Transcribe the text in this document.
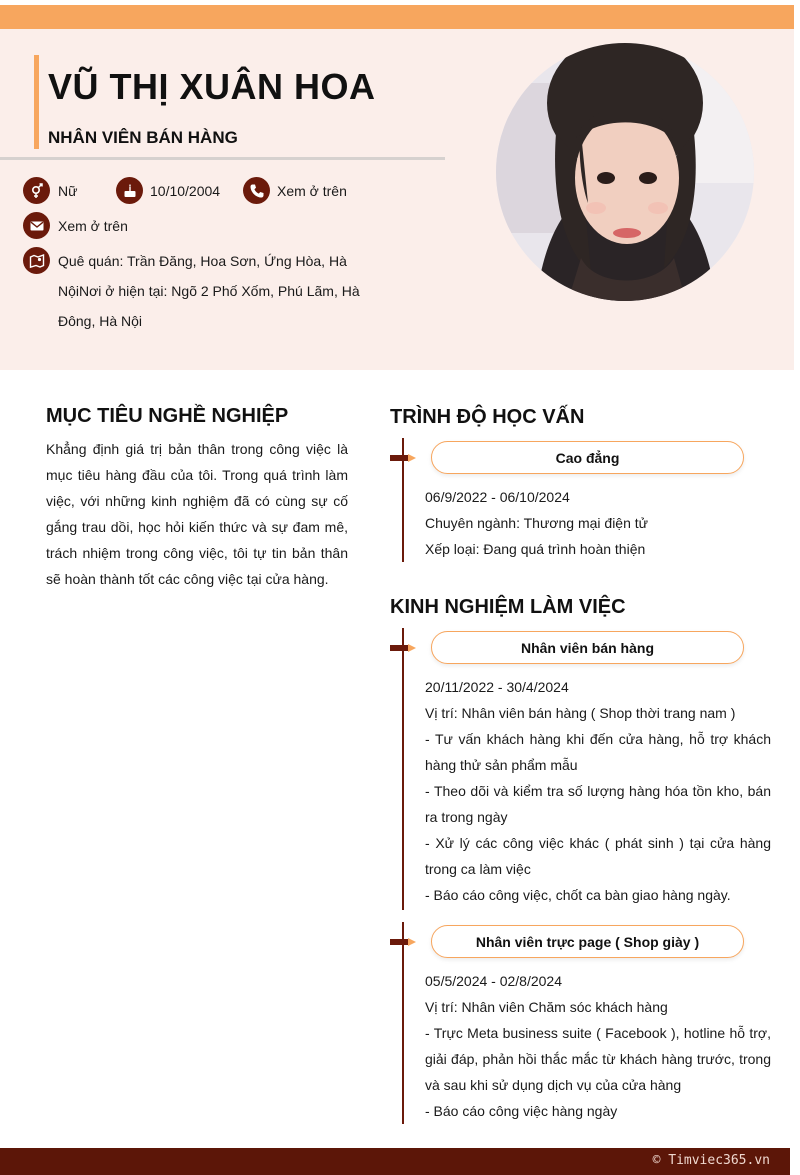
VŨ THỊ XUÂN HOA
NHÂN VIÊN BÁN HÀNG
Nữ	10/10/2004	Xem ở trên
Xem ở trên
Quê quán: Trần Đăng, Hoa Sơn, Ứng Hòa, Hà NộiNơi ở hiện tại: Ngõ 2 Phố Xốm, Phú Lãm, Hà Đông, Hà Nội
MỤC TIÊU NGHỀ NGHIỆP
Khẳng định giá trị bản thân trong công việc là mục tiêu hàng đầu của tôi. Trong quá trình làm việc, với những kinh nghiệm đã có cùng sự cố gắng trau dồi, học hỏi kiến thức và sự đam mê, trách nhiệm trong công việc, tôi tự tin bản thân sẽ hoàn thành tốt các công việc tại cửa hàng.
TRÌNH ĐỘ HỌC VẤN
Cao đẳng
06/9/2022 - 06/10/2024
Chuyên ngành: Thương mại điện tử
Xếp loại: Đang quá trình hoàn thiện
KINH NGHIỆM LÀM VIỆC
Nhân viên bán hàng
20/11/2022 - 30/4/2024
Vị trí: Nhân viên bán hàng ( Shop thời trang nam )
- Tư vấn khách hàng khi đến cửa hàng, hỗ trợ khách hàng thử sản phẩm mẫu
- Theo dõi và kiểm tra số lượng hàng hóa tồn kho, bán ra trong ngày
- Xử lý các công việc khác ( phát sinh ) tại cửa hàng trong ca làm việc
- Báo cáo công việc, chốt ca bàn giao hàng ngày.
Nhân viên trực page ( Shop giày )
05/5/2024 - 02/8/2024
Vị trí: Nhân viên Chăm sóc khách hàng
- Trực Meta business suite ( Facebook ), hotline hỗ trợ, giải đáp, phản hồi thắc mắc từ khách hàng trước, trong và sau khi sử dụng dịch vụ của cửa hàng
- Báo cáo công việc hàng ngày
© Timviec365.vn
